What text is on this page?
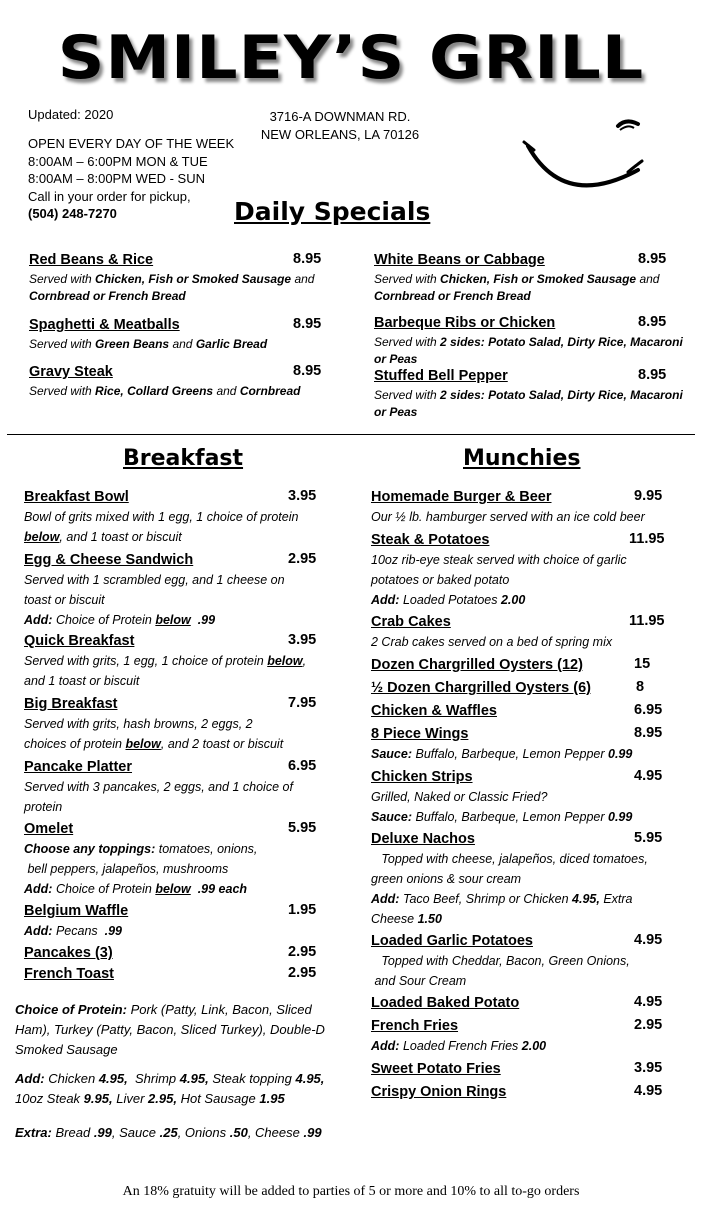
SMILEY’S GRILL
Updated: 2020
OPEN EVERY DAY OF THE WEEK
8:00AM – 6:00PM MON & TUE
8:00AM – 8:00PM WED - SUN
Call in your order for pickup,
(504) 248-7270
3716-A DOWNMAN RD.
NEW ORLEANS, LA 70126
Daily Specials
Red Beans & Rice	8.95
Served with Chicken, Fish or Smoked Sausage and
Cornbread or French Bread
Spaghetti & Meatballs	8.95
Served with Green Beans and Garlic Bread
Gravy Steak	8.95
Served with Rice, Collard Greens and Cornbread
White Beans or Cabbage	8.95
Served with Chicken, Fish or Smoked Sausage and
Cornbread or French Bread
Barbeque Ribs or Chicken	8.95
Served with 2 sides: Potato Salad, Dirty Rice, Macaroni
or Peas
Stuffed Bell Pepper	8.95
Served with 2 sides: Potato Salad, Dirty Rice, Macaroni
or Peas
Breakfast
Breakfast Bowl	3.95
Bowl of grits mixed with 1 egg, 1 choice of protein
below, and 1 toast or biscuit
Egg & Cheese Sandwich	2.95
Served with 1 scrambled egg, and 1 cheese on
toast or biscuit
Add: Choice of Protein below .99
Quick Breakfast	3.95
Served with grits, 1 egg, 1 choice of protein below,
and 1 toast or biscuit
Big Breakfast	7.95
Served with grits, hash browns, 2 eggs, 2
choices of protein below, and 2 toast or biscuit
Pancake Platter	6.95
Served with 3 pancakes, 2 eggs, and 1 choice of
protein
Omelet	5.95
Choose any toppings: tomatoes, onions,
bell peppers, jalapeños, mushrooms
Add: Choice of Protein below .99 each
Belgium Waffle	1.95
Add: Pecans .99
Pancakes (3)	2.95
French Toast	2.95
Choice of Protein: Pork (Patty, Link, Bacon, Sliced
Ham), Turkey (Patty, Bacon, Sliced Turkey), Double-D
Smoked Sausage
Add: Chicken 4.95, Shrimp 4.95, Steak topping 4.95,
10oz Steak 9.95, Liver 2.95, Hot Sausage 1.95
Extra: Bread .99, Sauce .25, Onions .50, Cheese .99
Munchies
Homemade Burger & Beer	9.95
Our ½ lb. hamburger served with an ice cold beer
Steak & Potatoes	11.95
10oz rib-eye steak served with choice of garlic
potatoes or baked potato
Add: Loaded Potatoes 2.00
Crab Cakes	11.95
2 Crab cakes served on a bed of spring mix
Dozen Chargrilled Oysters (12)	15
½ Dozen Chargrilled Oysters (6)	8
Chicken & Waffles	6.95
8 Piece Wings	8.95
Sauce: Buffalo, Barbeque, Lemon Pepper 0.99
Chicken Strips	4.95
Grilled, Naked or Classic Fried?
Sauce: Buffalo, Barbeque, Lemon Pepper 0.99
Deluxe Nachos	5.95
Topped with cheese, jalapeños, diced tomatoes,
green onions & sour cream
Add: Taco Beef, Shrimp or Chicken 4.95, Extra
Cheese 1.50
Loaded Garlic Potatoes	4.95
Topped with Cheddar, Bacon, Green Onions,
and Sour Cream
Loaded Baked Potato	4.95
French Fries	2.95
Add: Loaded French Fries 2.00
Sweet Potato Fries	3.95
Crispy Onion Rings	4.95
An 18% gratuity will be added to parties of 5 or more and 10% to all to-go orders
